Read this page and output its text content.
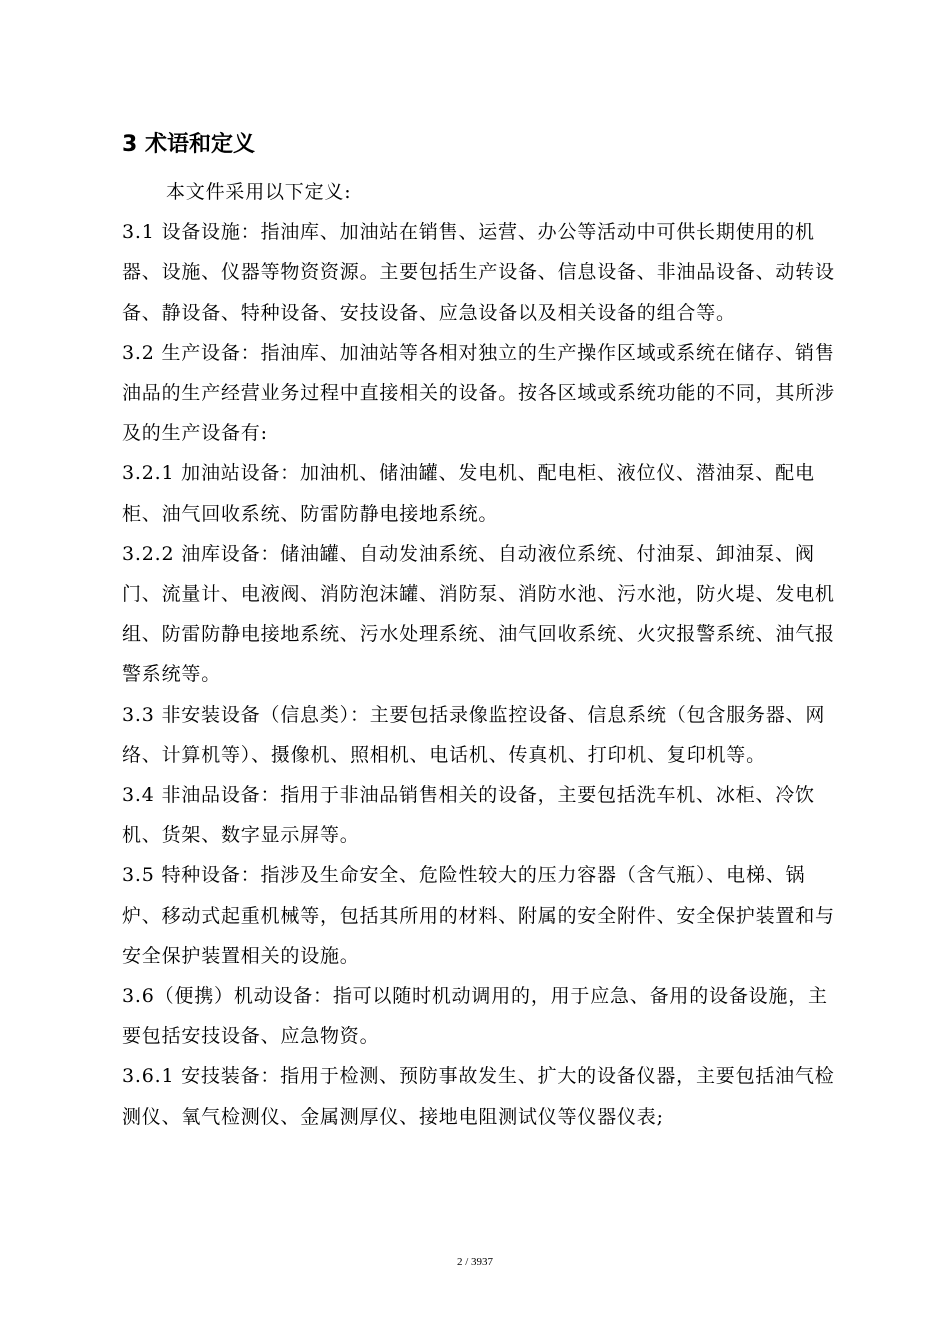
3 术语和定义

本文件采用以下定义:

3.1 设备设施：指油库、加油站在销售、运营、办公等活动中可供长期使用的机器、设施、仪器等物资资源。主要包括生产设备、信息设备、非油品设备、动转设备、静设备、特种设备、安技设备、应急设备以及相关设备的组合等。

3.2 生产设备：指油库、加油站等各相对独立的生产操作区域或系统在储存、销售油品的生产经营业务过程中直接相关的设备。按各区域或系统功能的不同，其所涉及的生产设备有:

3.2.1 加油站设备：加油机、储油罐、发电机、配电柜、液位仪、潜油泵、配电柜、油气回收系统、防雷防静电接地系统。

3.2.2 油库设备：储油罐、自动发油系统、自动液位系统、付油泵、卸油泵、阀门、流量计、电液阀、消防泡沫罐、消防泵、消防水池、污水池，防火堤、发电机组、防雷防静电接地系统、污水处理系统、油气回收系统、火灾报警系统、油气报警系统等。

3.3 非安装设备（信息类）：主要包括录像监控设备、信息系统（包含服务器、网络、计算机等）、摄像机、照相机、电话机、传真机、打印机、复印机等。

3.4 非油品设备：指用于非油品销售相关的设备，主要包括洗车机、冰柜、冷饮机、货架、数字显示屏等。

3.5 特种设备：指涉及生命安全、危险性较大的压力容器（含气瓶）、电梯、锅炉、移动式起重机械等，包括其所用的材料、附属的安全附件、安全保护装置和与安全保护装置相关的设施。

3.6（便携）机动设备：指可以随时机动调用的，用于应急、备用的设备设施，主要包括安技设备、应急物资。

3.6.1 安技装备：指用于检测、预防事故发生、扩大的设备仪器，主要包括油气检测仪、氧气检测仪、金属测厚仪、接地电阻测试仪等仪器仪表;

2 / 3937
